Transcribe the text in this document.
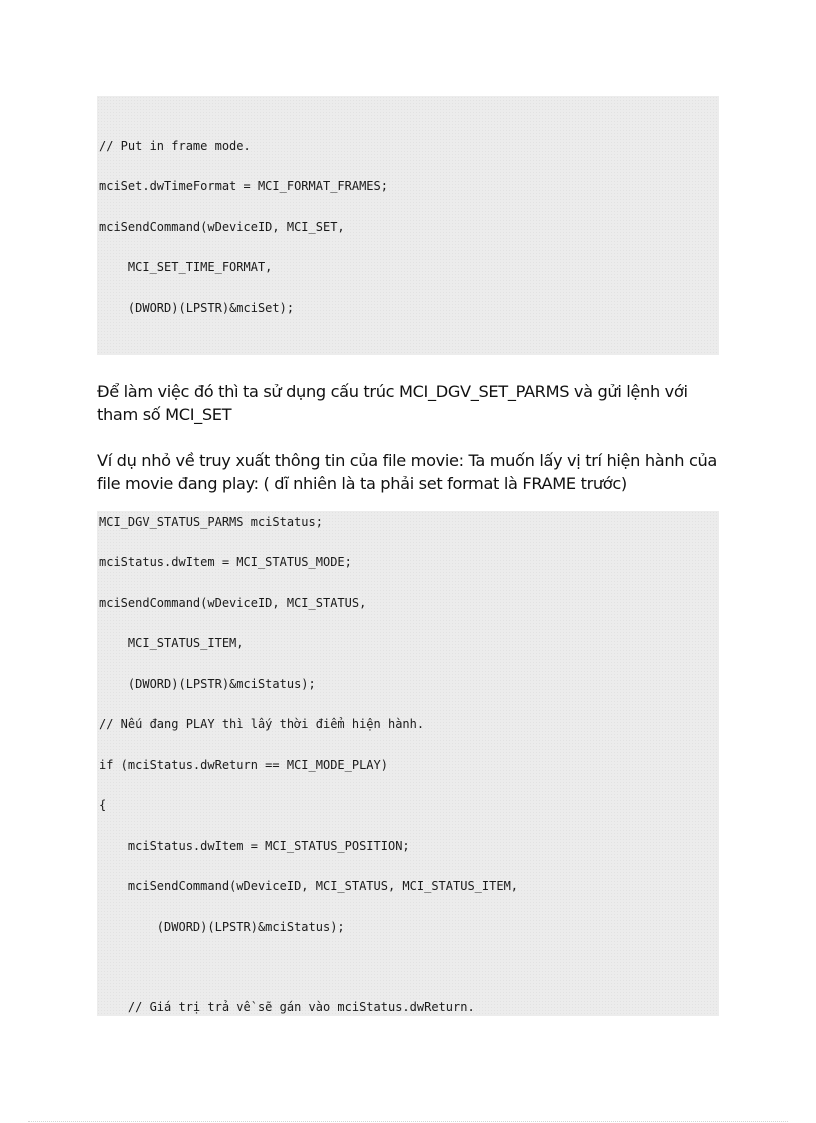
// Put in frame mode.
mciSet.dwTimeFormat = MCI_FORMAT_FRAMES;
mciSendCommand(wDeviceID, MCI_SET,
MCI_SET_TIME_FORMAT,
(DWORD)(LPSTR)&mciSet);
Để làm việc đó thì ta sử dụng cấu trúc MCI_DGV_SET_PARMS và gửi lệnh với
tham số MCI_SET
Ví dụ nhỏ về truy xuất thông tin của file movie: Ta muốn lấy vị trí hiện hành của
file movie đang play: ( dĩ nhiên là ta phải set format là FRAME trước)
MCI_DGV_STATUS_PARMS mciStatus;
mciStatus.dwItem = MCI_STATUS_MODE;
mciSendCommand(wDeviceID, MCI_STATUS,
MCI_STATUS_ITEM,
(DWORD)(LPSTR)&mciStatus);
// Nếu đang PLAY thì lấy thời điểm hiện hành.
if (mciStatus.dwReturn == MCI_MODE_PLAY)
{
mciStatus.dwItem = MCI_STATUS_POSITION;
mciSendCommand(wDeviceID, MCI_STATUS, MCI_STATUS_ITEM,
(DWORD)(LPSTR)&mciStatus);
// Giá trị trả về sẽ gán vào mciStatus.dwReturn.
